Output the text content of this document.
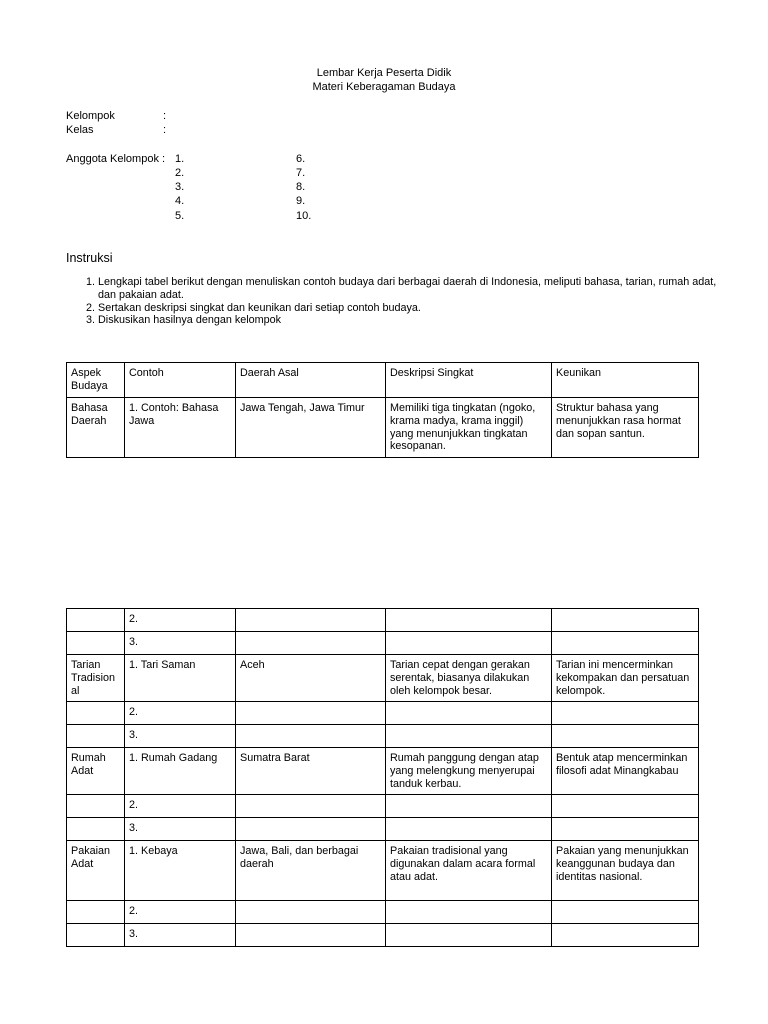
Lembar Kerja Peserta Didik
Materi Keberagaman Budaya
Kelompok	:
Kelas	:
Anggota Kelompok : 1.
2.
3.
4.
5.
6.
7.
8.
9.
10.
Instruksi
1. Lengkapi tabel berikut dengan menuliskan contoh budaya dari berbagai daerah di Indonesia, meliputi bahasa, tarian, rumah adat, dan pakaian adat.
2. Sertakan deskripsi singkat dan keunikan dari setiap contoh budaya.
3. Diskusikan hasilnya dengan kelompok
Aspek Budaya	Contoh	Daerah Asal	Deskripsi Singkat	Keunikan
Bahasa Daerah	1. Contoh: Bahasa Jawa	Jawa Tengah, Jawa Timur	Memiliki tiga tingkatan (ngoko, krama madya, krama inggil) yang menunjukkan tingkatan kesopanan.	Struktur bahasa yang menunjukkan rasa hormat dan sopan santun.
	2.			
	3.			
Tarian Tradisional	1. Tari Saman	Aceh	Tarian cepat dengan gerakan serentak, biasanya dilakukan oleh kelompok besar.	Tarian ini mencerminkan kekompakan dan persatuan kelompok.
	2.			
	3.			
Rumah Adat	1. Rumah Gadang	Sumatra Barat	Rumah panggung dengan atap yang melengkung menyerupai tanduk kerbau.	Bentuk atap mencerminkan filosofi adat Minangkabau
	2.			
	3.			
Pakaian Adat	1. Kebaya	Jawa, Bali, dan berbagai daerah	Pakaian tradisional yang digunakan dalam acara formal atau adat.	Pakaian yang menunjukkan keanggunan budaya dan identitas nasional.
	2.			
	3.			
